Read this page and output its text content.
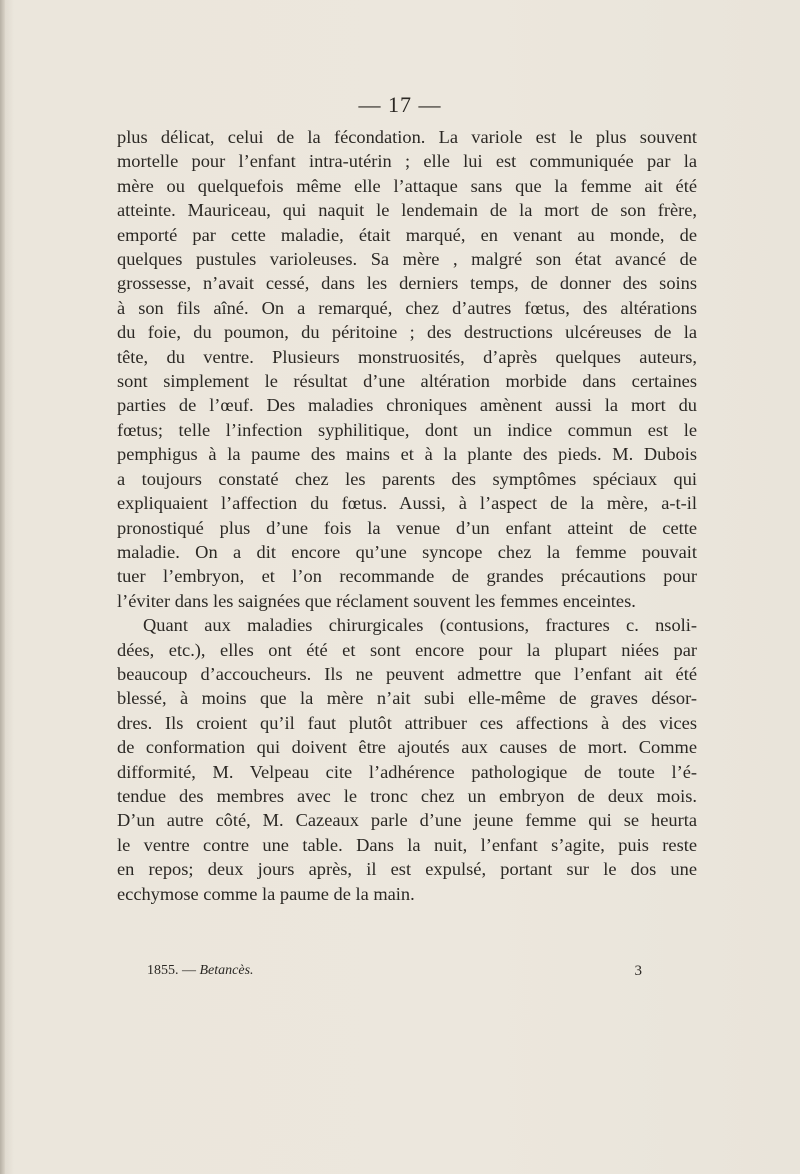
— 17 —
plus délicat, celui de la fécondation. La variole est le plus souvent
mortelle pour l’enfant intra-utérin ; elle lui est communiquée par la
mère ou quelquefois même elle l’attaque sans que la femme ait été
atteinte. Mauriceau, qui naquit le lendemain de la mort de son frère,
emporté par cette maladie, était marqué, en venant au monde, de
quelques pustules varioleuses. Sa mère , malgré son état avancé de
grossesse, n’avait cessé, dans les derniers temps, de donner des soins
à son fils aîné. On a remarqué, chez d’autres fœtus, des altérations
du foie, du poumon, du péritoine ; des destructions ulcéreuses de la
tête, du ventre. Plusieurs monstruosités, d’après quelques auteurs,
sont simplement le résultat d’une altération morbide dans certaines
parties de l’œuf. Des maladies chroniques amènent aussi la mort du
fœtus; telle l’infection syphilitique, dont un indice commun est le
pemphigus à la paume des mains et à la plante des pieds. M. Dubois
a toujours constaté chez les parents des symptômes spéciaux qui
expliquaient l’affection du fœtus. Aussi, à l’aspect de la mère, a-t-il
pronostiqué plus d’une fois la venue d’un enfant atteint de cette
maladie. On a dit encore qu’une syncope chez la femme pouvait
tuer l’embryon, et l’on recommande de grandes précautions pour
l’éviter dans les saignées que réclament souvent les femmes enceintes.
Quant aux maladies chirurgicales (contusions, fractures c. nsoli-
dées, etc.), elles ont été et sont encore pour la plupart niées par
beaucoup d’accoucheurs. Ils ne peuvent admettre que l’enfant ait été
blessé, à moins que la mère n’ait subi elle-même de graves désor-
dres. Ils croient qu’il faut plutôt attribuer ces affections à des vices
de conformation qui doivent être ajoutés aux causes de mort. Comme
difformité, M. Velpeau cite l’adhérence pathologique de toute l’é-
tendue des membres avec le tronc chez un embryon de deux mois.
D’un autre côté, M. Cazeaux parle d’une jeune femme qui se heurta
le ventre contre une table. Dans la nuit, l’enfant s’agite, puis reste
en repos; deux jours après, il est expulsé, portant sur le dos une
ecchymose comme la paume de la main.
1855. — Betancès.	3
